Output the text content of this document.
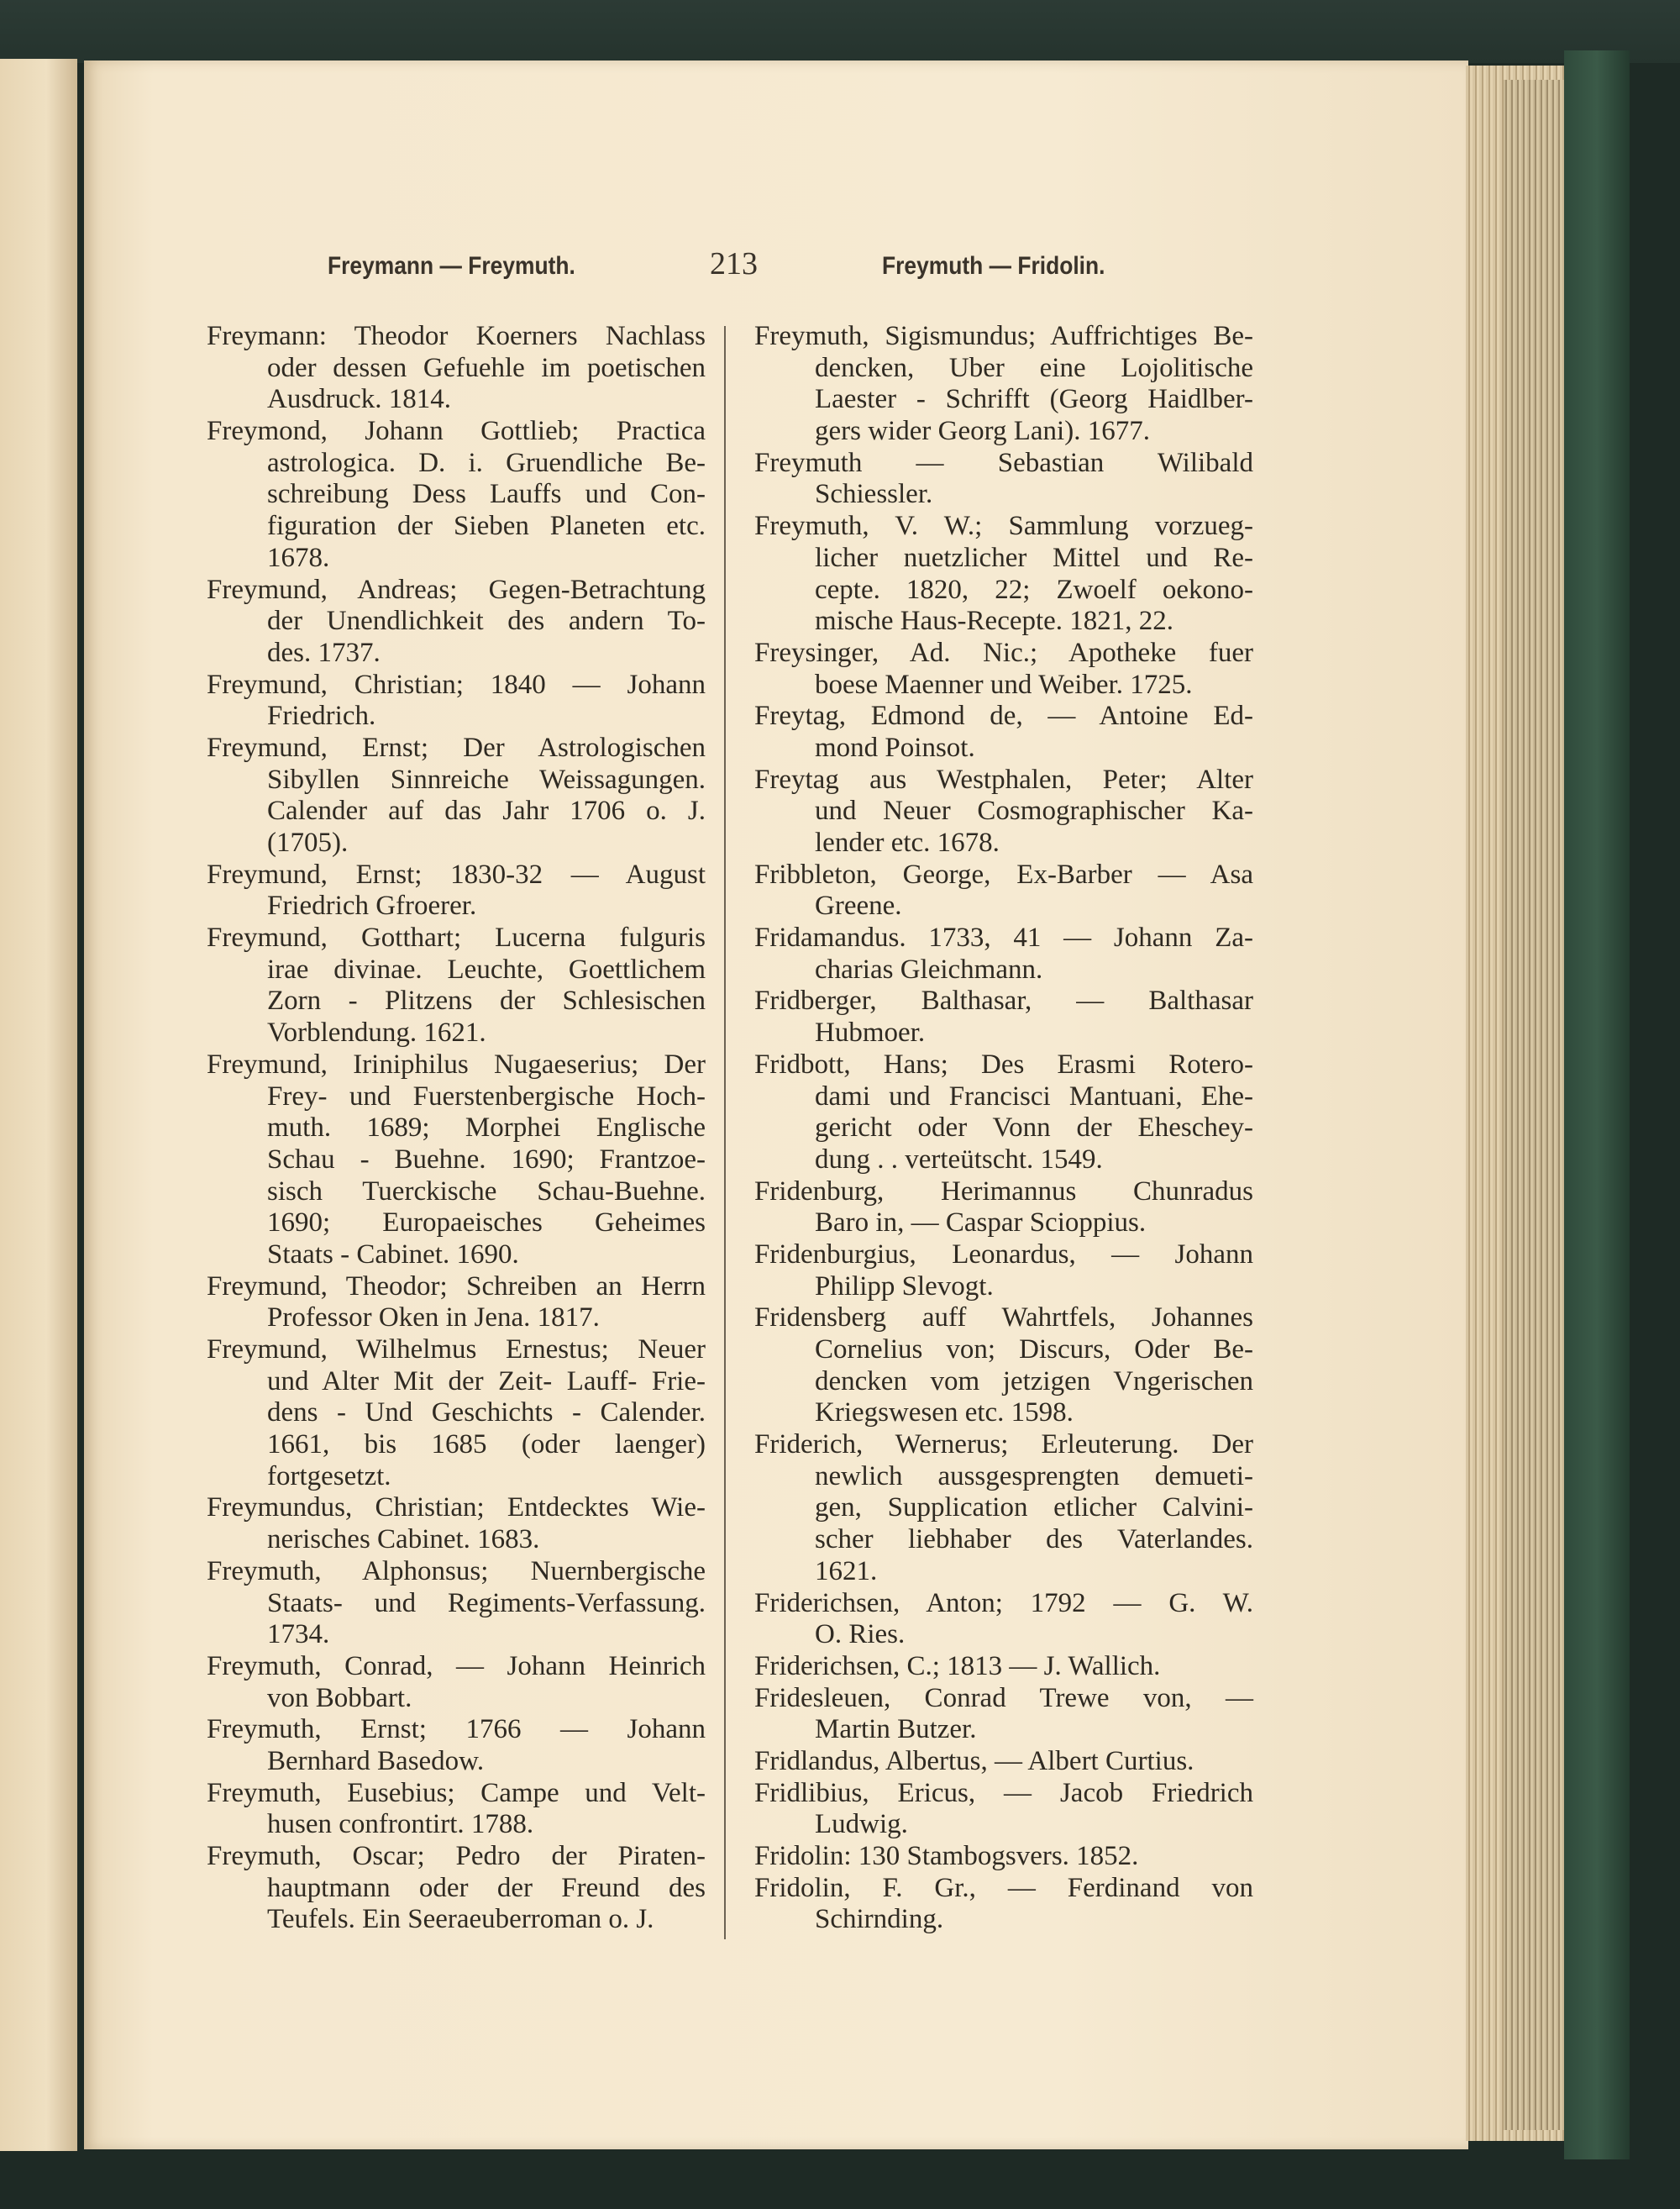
Freymann — Freymuth.	213	Freymuth — Fridolin.
Freymann: Theodor Koerners Nachlass
oder dessen Gefuehle im poetischen
Ausdruck. 1814.
Freymond, Johann Gottlieb; Practica
astrologica. D. i. Gruendliche Be-
schreibung Dess Lauffs und Con-
figuration der Sieben Planeten etc.
1678.
Freymund, Andreas; Gegen-Betrachtung
der Unendlichkeit des andern To-
des. 1737.
Freymund, Christian; 1840 — Johann
Friedrich.
Freymund, Ernst; Der Astrologischen
Sibyllen Sinnreiche Weissagungen.
Calender auf das Jahr 1706 o. J.
(1705).
Freymund, Ernst; 1830-32 — August
Friedrich Gfroerer.
Freymund, Gotthart; Lucerna fulguris
irae divinae. Leuchte, Goettlichem
Zorn - Plitzens der Schlesischen
Vorblendung. 1621.
Freymund, Iriniphilus Nugaeserius; Der
Frey- und Fuerstenbergische Hoch-
muth. 1689; Morphei Englische
Schau - Buehne. 1690; Frantzoe-
sisch Tuerckische Schau-Buehne.
1690; Europaeisches Geheimes
Staats - Cabinet. 1690.
Freymund, Theodor; Schreiben an Herrn
Professor Oken in Jena. 1817.
Freymund, Wilhelmus Ernestus; Neuer
und Alter Mit der Zeit- Lauff- Frie-
dens - Und Geschichts - Calender.
1661, bis 1685 (oder laenger)
fortgesetzt.
Freymundus, Christian; Entdecktes Wie-
nerisches Cabinet. 1683.
Freymuth, Alphonsus; Nuernbergische
Staats- und Regiments-Verfassung.
1734.
Freymuth, Conrad, — Johann Heinrich
von Bobbart.
Freymuth, Ernst; 1766 — Johann
Bernhard Basedow.
Freymuth, Eusebius; Campe und Velt-
husen confrontirt. 1788.
Freymuth, Oscar; Pedro der Piraten-
hauptmann oder der Freund des
Teufels. Ein Seeraeuberroman o. J.
Freymuth, Sigismundus; Auffrichtiges Be-
dencken, Uber eine Lojolitische
Laester - Schrifft (Georg Haidlber-
gers wider Georg Lani). 1677.
Freymuth — Sebastian Wilibald
Schiessler.
Freymuth, V. W.; Sammlung vorzueg-
licher nuetzlicher Mittel und Re-
cepte. 1820, 22; Zwoelf oekono-
mische Haus-Recepte. 1821, 22.
Freysinger, Ad. Nic.; Apotheke fuer
boese Maenner und Weiber. 1725.
Freytag, Edmond de, — Antoine Ed-
mond Poinsot.
Freytag aus Westphalen, Peter; Alter
und Neuer Cosmographischer Ka-
lender etc. 1678.
Fribbleton, George, Ex-Barber — Asa
Greene.
Fridamandus. 1733, 41 — Johann Za-
charias Gleichmann.
Fridberger, Balthasar, — Balthasar
Hubmoer.
Fridbott, Hans; Des Erasmi Rotero-
dami und Francisci Mantuani, Ehe-
gericht oder Vonn der Eheschey-
dung . . verteütscht. 1549.
Fridenburg, Herimannus Chunradus
Baro in, — Caspar Scioppius.
Fridenburgius, Leonardus, — Johann
Philipp Slevogt.
Fridensberg auff Wahrtfels, Johannes
Cornelius von; Discurs, Oder Be-
dencken vom jetzigen Vngerischen
Kriegswesen etc. 1598.
Friderich, Wernerus; Erleuterung. Der
newlich aussgesprengten demueti-
gen, Supplication etlicher Calvini-
scher liebhaber des Vaterlandes.
1621.
Friderichsen, Anton; 1792 — G. W.
O. Ries.
Friderichsen, C.; 1813 — J. Wallich.
Fridesleuen, Conrad Trewe von, —
Martin Butzer.
Fridlandus, Albertus, — Albert Curtius.
Fridlibius, Ericus, — Jacob Friedrich
Ludwig.
Fridolin: 130 Stambogsvers. 1852.
Fridolin, F. Gr., — Ferdinand von
Schirnding.
